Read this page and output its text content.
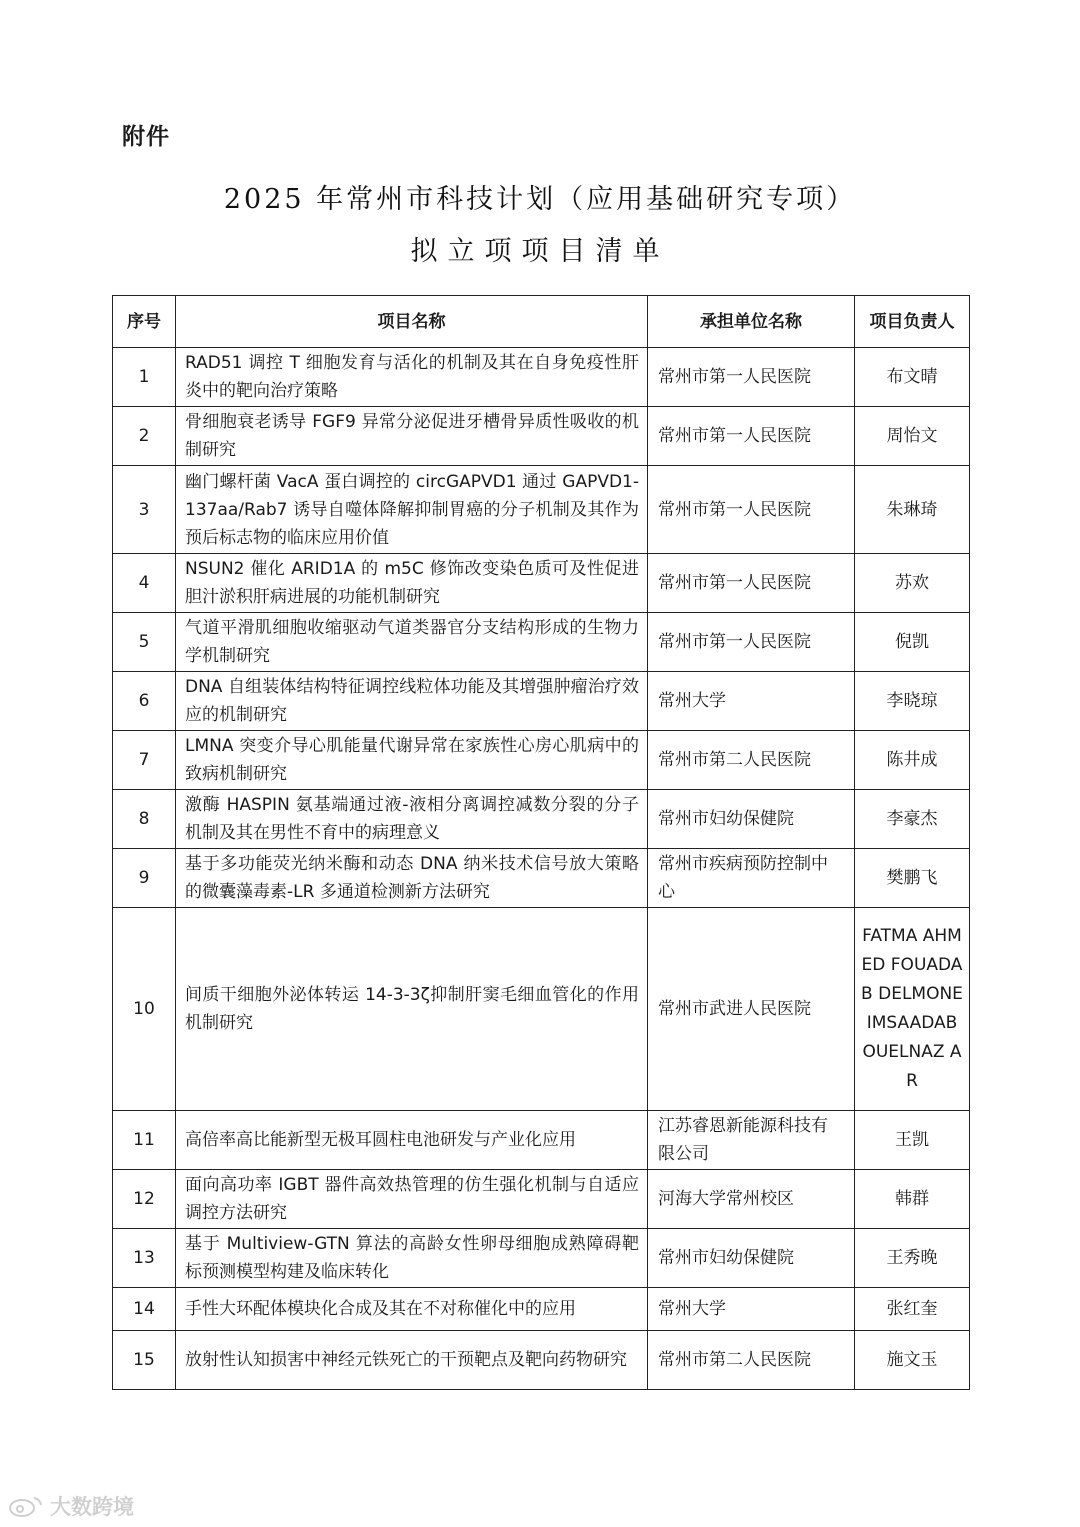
附件
2025 年常州市科技计划（应用基础研究专项）
拟立项项目清单
序号	项目名称	承担单位名称	项目负责人
1	RAD51 调控 T 细胞发育与活化的机制及其在自身免疫性肝炎中的靶向治疗策略	常州市第一人民医院	布文晴
2	骨细胞衰老诱导 FGF9 异常分泌促进牙槽骨异质性吸收的机制研究	常州市第一人民医院	周怡文
3	幽门螺杆菌 VacA 蛋白调控的 circGAPVD1 通过 GAPVD1-137aa/Rab7 诱导自噬体降解抑制胃癌的分子机制及其作为预后标志物的临床应用价值	常州市第一人民医院	朱琳琦
4	NSUN2 催化 ARID1A 的 m5C 修饰改变染色质可及性促进胆汁淤积肝病进展的功能机制研究	常州市第一人民医院	苏欢
5	气道平滑肌细胞收缩驱动气道类器官分支结构形成的生物力学机制研究	常州市第一人民医院	倪凯
6	DNA 自组装体结构特征调控线粒体功能及其增强肿瘤治疗效应的机制研究	常州大学	李晓琼
7	LMNA 突变介导心肌能量代谢异常在家族性心房心肌病中的致病机制研究	常州市第二人民医院	陈井成
8	激酶 HASPIN 氨基端通过液-液相分离调控减数分裂的分子机制及其在男性不育中的病理意义	常州市妇幼保健院	李豪杰
9	基于多功能荧光纳米酶和动态 DNA 纳米技术信号放大策略的微囊藻毒素-LR 多通道检测新方法研究	常州市疾病预防控制中心	樊鹏飞
10	间质干细胞外泌体转运 14-3-3ζ抑制肝窦毛细血管化的作用机制研究	常州市武进人民医院	FATMA AHMED FOUADAB DELMONE IMSAADAB OUELNAZ AR

11	高倍率高比能新型无极耳圆柱电池研发与产业化应用	江苏睿恩新能源科技有限公司	王凯
12	面向高功率 IGBT 器件高效热管理的仿生强化机制与自适应调控方法研究	河海大学常州校区	韩群
13	基于 Multiview-GTN 算法的高龄女性卵母细胞成熟障碍靶标预测模型构建及临床转化	常州市妇幼保健院	王秀晚
14	手性大环配体模块化合成及其在不对称催化中的应用	常州大学	张红奎
15	放射性认知损害中神经元铁死亡的干预靶点及靶向药物研究	常州市第二人民医院	施文玉
大数跨境
